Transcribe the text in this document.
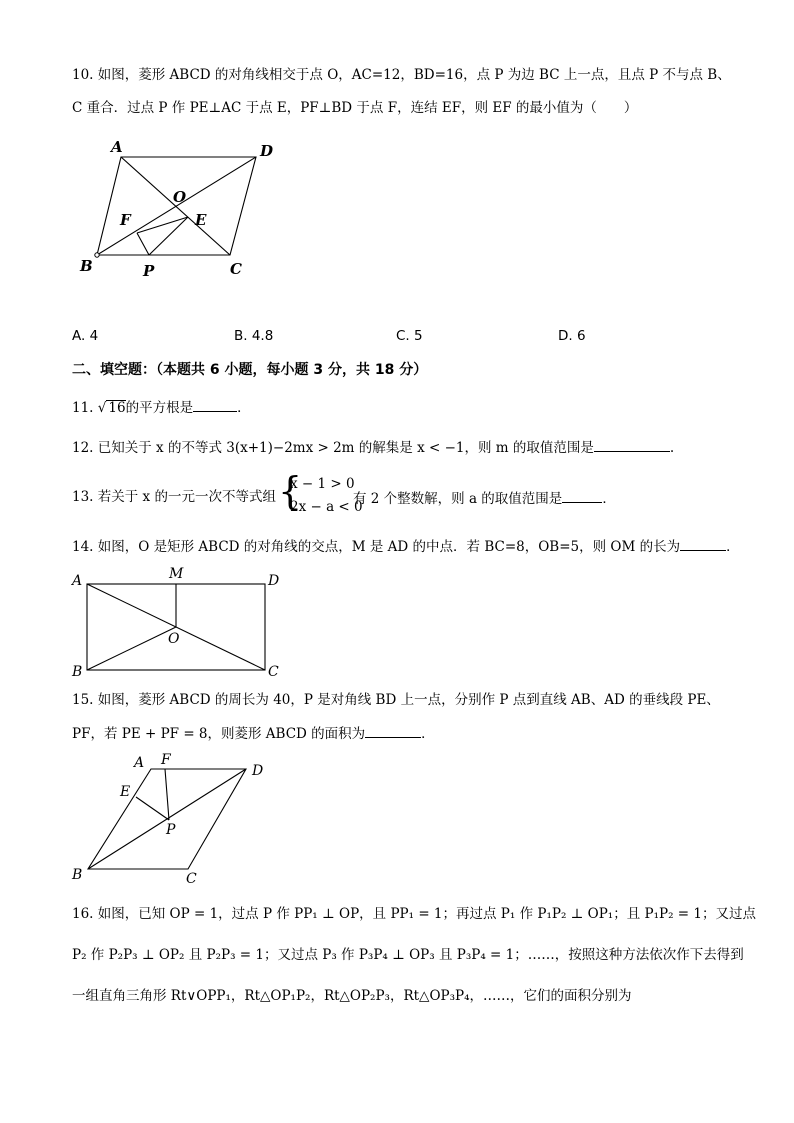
10. 如图，菱形 ABCD 的对角线相交于点 O，AC=12，BD=16，点 P 为边 BC 上一点，且点 P 不与点 B、
C 重合．过点 P 作 PE⊥AC 于点 E，PF⊥BD 于点 F，连结 EF，则 EF 的最小值为（　　）
A	D
O
F	E
B	P	C
A. 4	B. 4.8	C. 5	D. 6
二、填空题：（本题共 6 小题，每小题 3 分，共 18 分）
11. √ 16的平方根是	．
12. 已知关于 x 的不等式 3(x+1)−2mx > 2m 的解集是 x < −1，则 m 的取值范围是	.
13. 若关于 x 的一元一次不等式组 {
x − 1 > 0
2x − a < 0
有 2 个整数解，则 a 的取值范围是	．
14. 如图，O 是矩形 ABCD 的对角线的交点，M 是 AD 的中点．若 BC=8，OB=5，则 OM 的长为	．
A	M	D
O
B	C
15. 如图，菱形 ABCD 的周长为 40，P 是对角线 BD 上一点，分别作 P 点到直线 AB、AD 的垂线段 PE、
PF，若 PE + PF = 8，则菱形 ABCD 的面积为	．
A F
D
E
P
B	C
16. 如图，已知 OP = 1，过点 P 作 PP₁ ⊥ OP，且 PP₁ = 1；再过点 P₁ 作 P₁P₂ ⊥ OP₁；且 P₁P₂ = 1；又过点
P₂ 作 P₂P₃ ⊥ OP₂ 且 P₂P₃ = 1；又过点 P₃ 作 P₃P₄ ⊥ OP₃ 且 P₃P₄ = 1；……，按照这种方法依次作下去得到
一组直角三角形 Rt∨OPP₁，Rt△OP₁P₂，Rt△OP₂P₃，Rt△OP₃P₄，……，它们的面积分别为
